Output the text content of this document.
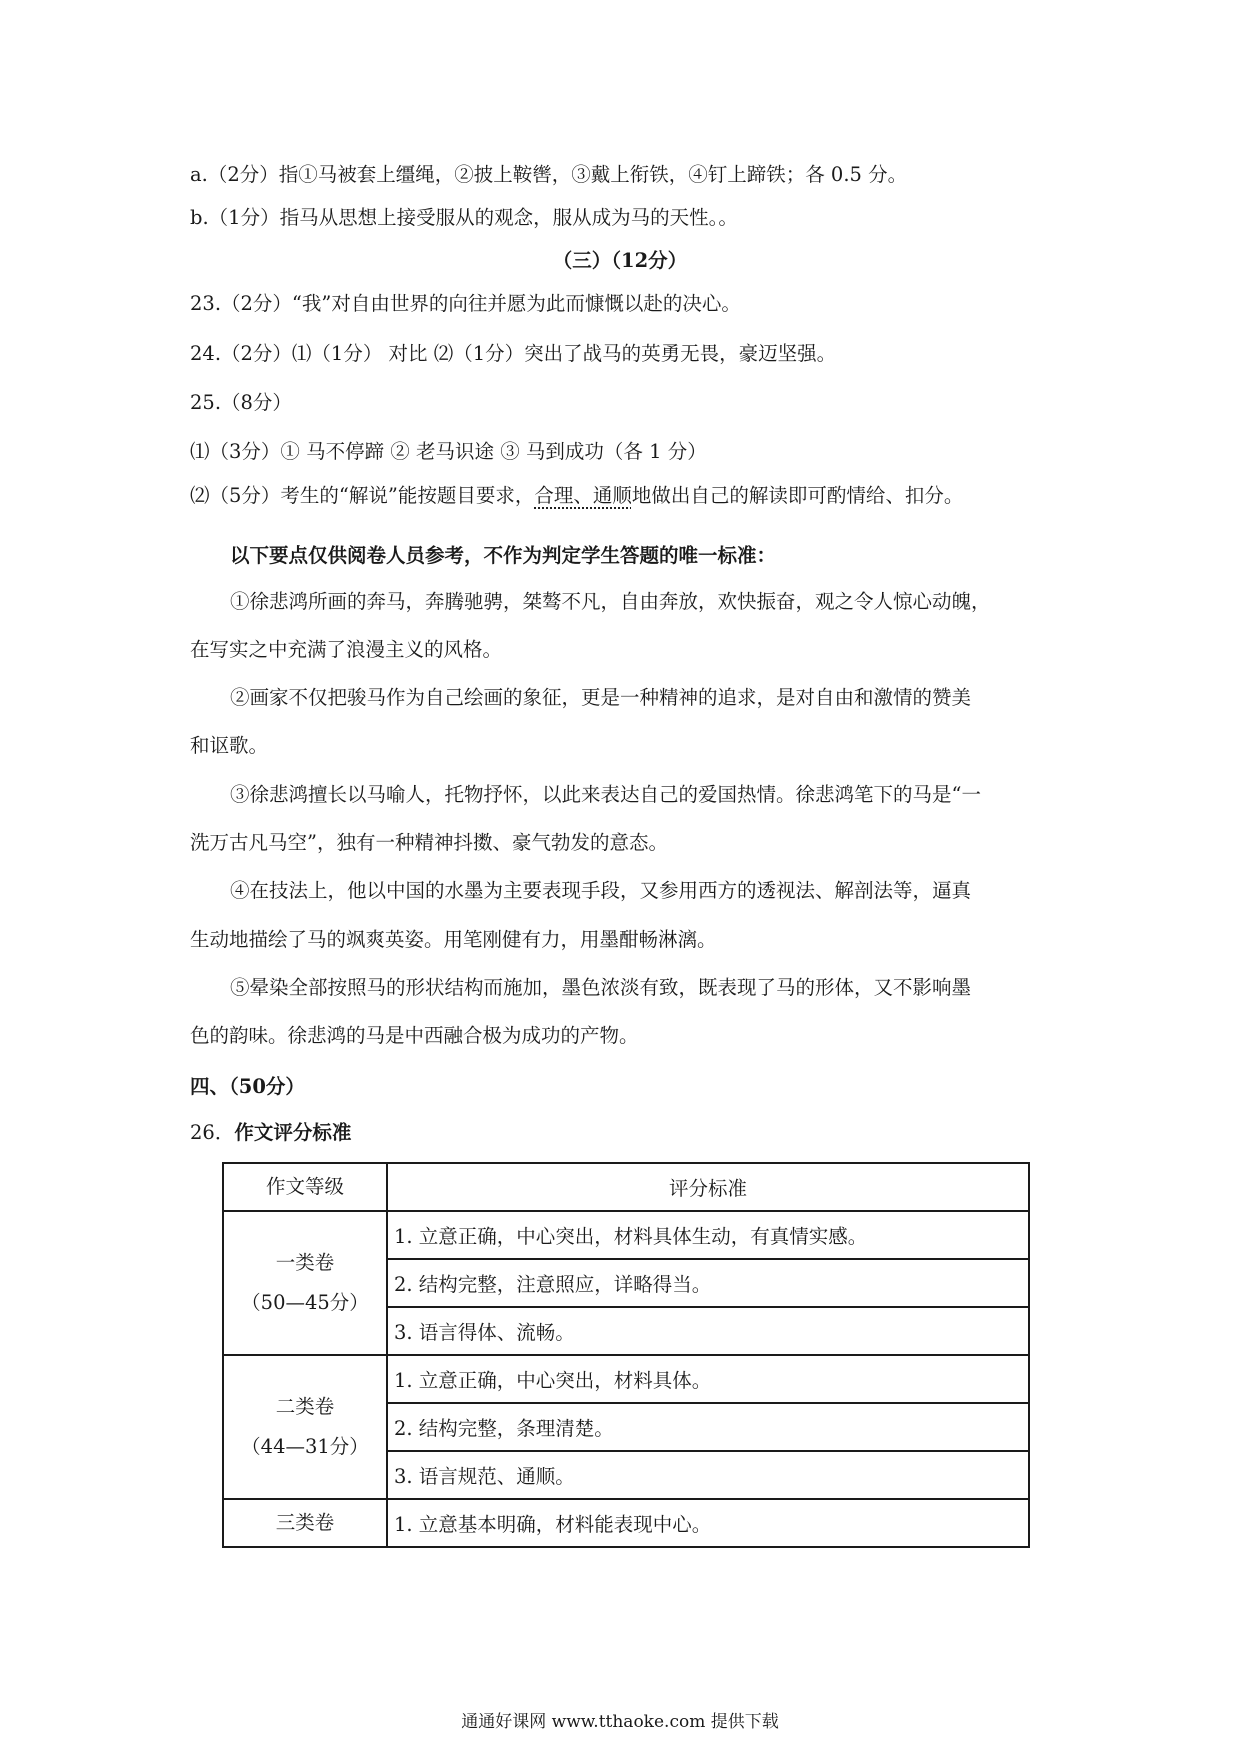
a.（2分）指①马被套上缰绳，②披上鞍辔，③戴上衔铁，④钉上蹄铁；各 0.5 分。
b.（1分）指马从思想上接受服从的观念，服从成为马的天性。。
（三）（12分）
23.（2分）“我”对自由世界的向往并愿为此而慷慨以赴的决心。
24.（2分）⑴（1分） 对比 ⑵（1分）突出了战马的英勇无畏，豪迈坚强。
25.（8分）
⑴（3分）① 马不停蹄 ② 老马识途 ③ 马到成功（各 1 分）
⑵（5分）考生的“解说”能按题目要求，合理、通顺地做出自己的解读即可酌情给、扣分。
以下要点仅供阅卷人员参考，不作为判定学生答题的唯一标准：
①徐悲鸿所画的奔马，奔腾驰骋，桀骜不凡，自由奔放，欢快振奋，观之令人惊心动魄，
在写实之中充满了浪漫主义的风格。
②画家不仅把骏马作为自己绘画的象征，更是一种精神的追求，是对自由和激情的赞美
和讴歌。
③徐悲鸿擅长以马喻人，托物抒怀，以此来表达自己的爱国热情。徐悲鸿笔下的马是“一
洗万古凡马空”，独有一种精神抖擞、豪气勃发的意态。
④在技法上，他以中国的水墨为主要表现手段，又参用西方的透视法、解剖法等，逼真
生动地描绘了马的飒爽英姿。用笔刚健有力，用墨酣畅淋漓。
⑤晕染全部按照马的形状结构而施加，墨色浓淡有致，既表现了马的形体，又不影响墨
色的韵味。徐悲鸿的马是中西融合极为成功的产物。
四、（50分）
26．作文评分标准
作文等级	评分标准

一类卷
（50—45分）	1. 立意正确，中心突出，材料具体生动，有真情实感。
	2. 结构完整，注意照应，详略得当。
	3. 语言得体、流畅。

二类卷
（44—31分）	1. 立意正确，中心突出，材料具体。
	2. 结构完整，条理清楚。
	3. 语言规范、通顺。

三类卷	1. 立意基本明确，材料能表现中心。
通通好课网 www.tthaoke.com 提供下载
